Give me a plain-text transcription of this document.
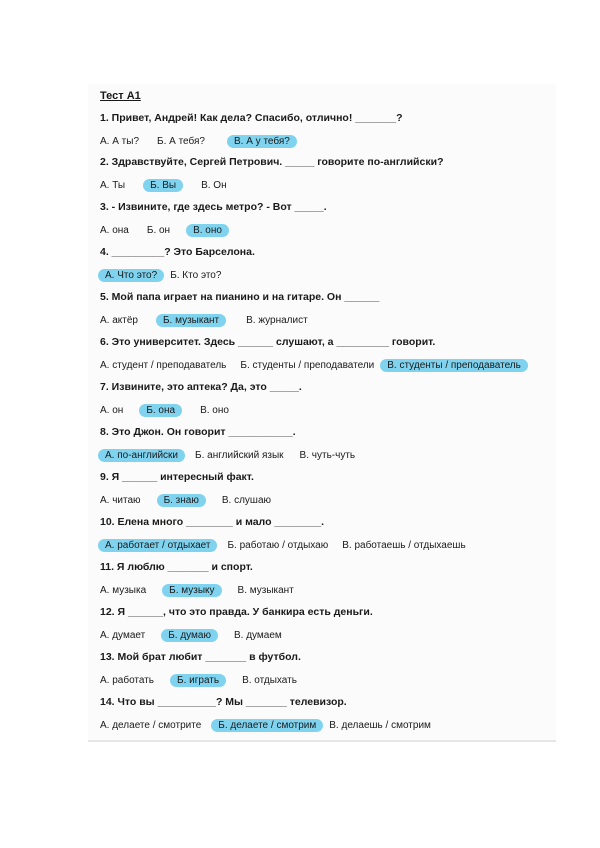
Тест А1
1. Привет, Андрей! Как дела? Спасибо, отлично! _______?
А. А ты? Б. А тебя?	В. А у тебя?
2. Здравствуйте, Сергей Петрович. _____ говорите по-английски?
А. Ты	Б. Вы	В. Он
3. - Извините, где здесь метро? - Вот _____.
А. она Б. он В. оно
4. _________? Это Барселона.
А. Что это? Б. Кто это?
5. Мой папа играет на пианино и на гитаре. Он ______
А. актёр	Б. музыкант	В. журналист
6. Это университет. Здесь ______ слушают, а _________ говорит.
А. студент / преподаватель Б. студенты / преподаватели В. студенты / преподаватель
7. Извините, это аптека? Да, это _____.
А. он Б. она	В. оно
8. Это Джон. Он говорит ___________.
А. по-английски Б. английский язык В. чуть-чуть
9. Я ______ интересный факт.
А. читаю Б. знаю В. слушаю
10. Елена много ________ и мало ________.
А. работает / отдыхает Б. работаю / отдыхаю В. работаешь / отдыхаешь
11. Я люблю _______ и спорт.
А. музыка Б. музыку В. музыкант
12. Я ______, что это правда. У банкира есть деньги.
А. думает Б. думаю В. думаем
13. Мой брат любит _______ в футбол.
А. работать Б. играть В. отдыхать
14. Что вы __________? Мы _______ телевизор.
А. делаете / смотрите Б. делаете / смотрим В. делаешь / смотрим
